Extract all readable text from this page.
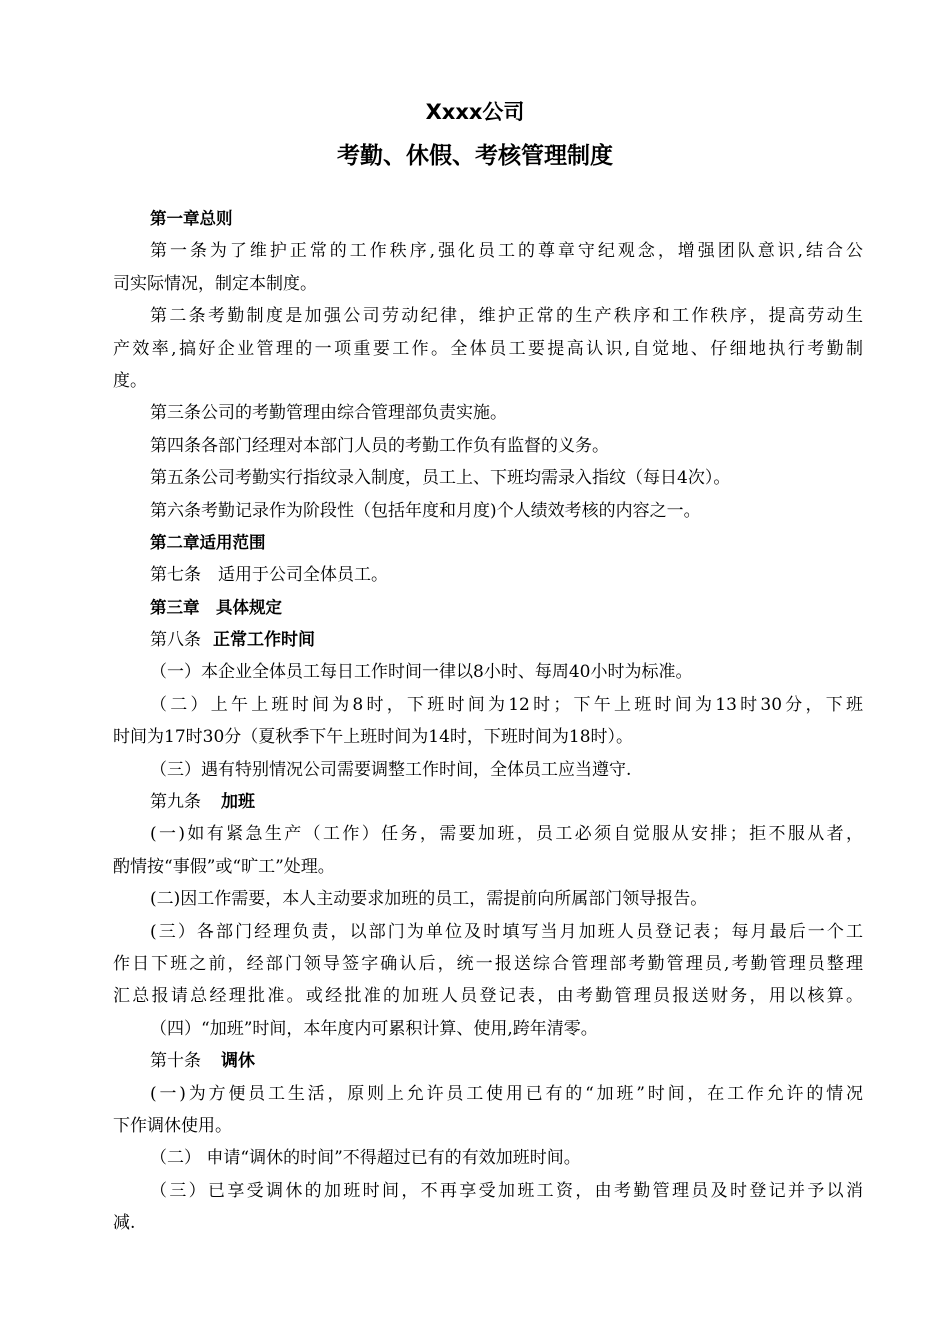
Xxxx公司
考勤、休假、考核管理制度
第一章总则
第一条为了维护正常的工作秩序,强化员工的尊章守纪观念，增强团队意识,结合公
司实际情况，制定本制度。
第二条考勤制度是加强公司劳动纪律，维护正常的生产秩序和工作秩序，提高劳动生
产效率,搞好企业管理的一项重要工作。全体员工要提高认识,自觉地、仔细地执行考勤制
度。
第三条公司的考勤管理由综合管理部负责实施。
第四条各部门经理对本部门人员的考勤工作负有监督的义务。
第五条公司考勤实行指纹录入制度，员工上、下班均需录入指纹（每日4次）。
第六条考勤记录作为阶段性（包括年度和月度)个人绩效考核的内容之一。
第二章适用范围
第七条　适用于公司全体员工。
第三章　具体规定
第八条 正常工作时间
（一）本企业全体员工每日工作时间一律以8小时、每周40小时为标准。
（二）上午上班时间为8时，下班时间为12时；下午上班时间为13时30分，下班
时间为17时30分（夏秋季下午上班时间为14时，下班时间为18时）。
（三）遇有特别情况公司需要调整工作时间，全体员工应当遵守.
第九条 加班
(一)如有紧急生产（工作）任务，需要加班，员工必须自觉服从安排；拒不服从者，
酌情按“事假”或“旷工”处理。
(二)因工作需要，本人主动要求加班的员工，需提前向所属部门领导报告。
(三）各部门经理负责，以部门为单位及时填写当月加班人员登记表；每月最后一个工
作日下班之前，经部门领导签字确认后，统一报送综合管理部考勤管理员,考勤管理员整理
汇总报请总经理批准。或经批准的加班人员登记表，由考勤管理员报送财务，用以核算。
（四）“加班”时间，本年度内可累积计算、使用,跨年清零。
第十条 调休
(一)为方便员工生活，原则上允许员工使用已有的“加班”时间，在工作允许的情况
下作调休使用。
（二） 申请“调休的时间”不得超过已有的有效加班时间。
（三）已享受调休的加班时间，不再享受加班工资，由考勤管理员及时登记并予以消
减.
